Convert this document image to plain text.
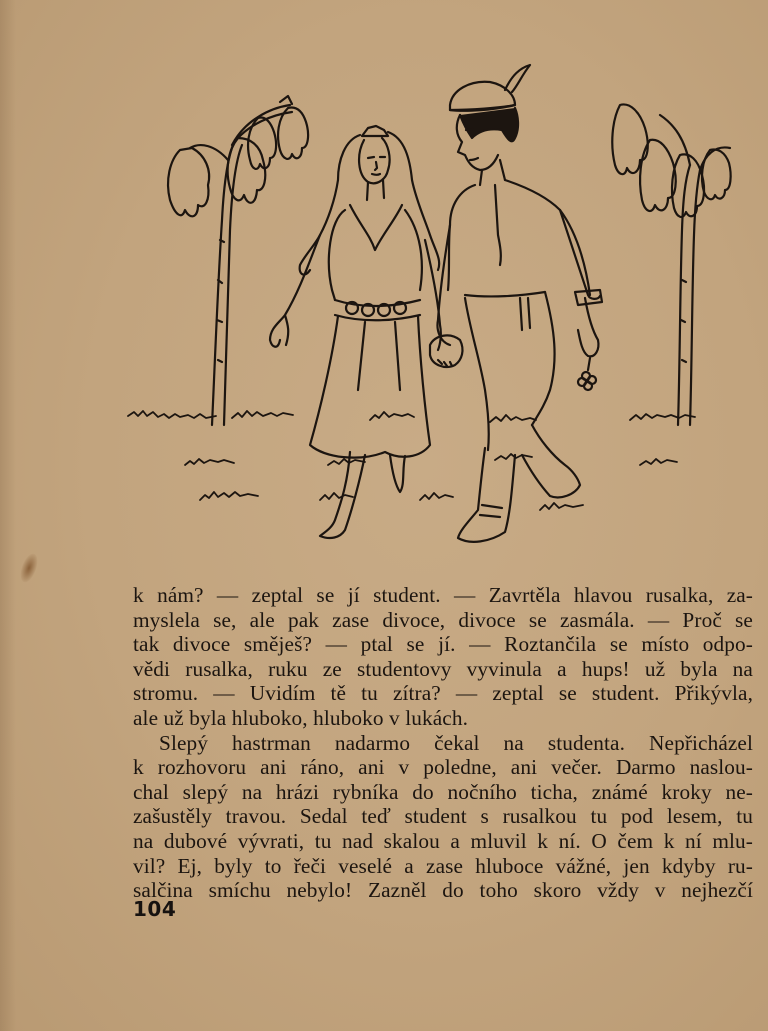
k nám? — zeptal se jí student. — Zavrtěla hlavou rusalka, za-
myslela se, ale pak zase divoce, divoce se zasmála. — Proč se
tak divoce směješ? — ptal se jí. — Roztančila se místo odpo-
vědi rusalka, ruku ze studentovy vyvinula a hups! už byla na
stromu. — Uvidím tě tu zítra? — zeptal se student. Přikývla,
ale už byla hluboko, hluboko v lukách.

Slepý hastrman nadarmo čekal na studenta. Nepřicházel
k rozhovoru ani ráno, ani v poledne, ani večer. Darmo naslou-
chal slepý na hrázi rybníka do nočního ticha, známé kroky ne-
zašustěly travou. Sedal teď student s rusalkou tu pod lesem, tu
na dubové vývrati, tu nad skalou a mluvil k ní. O čem k ní mlu-
vil? Ej, byly to řeči veselé a zase hluboce vážné, jen kdyby ru-
salčina smíchu nebylo! Zazněl do toho skoro vždy v nejhezčí

104
